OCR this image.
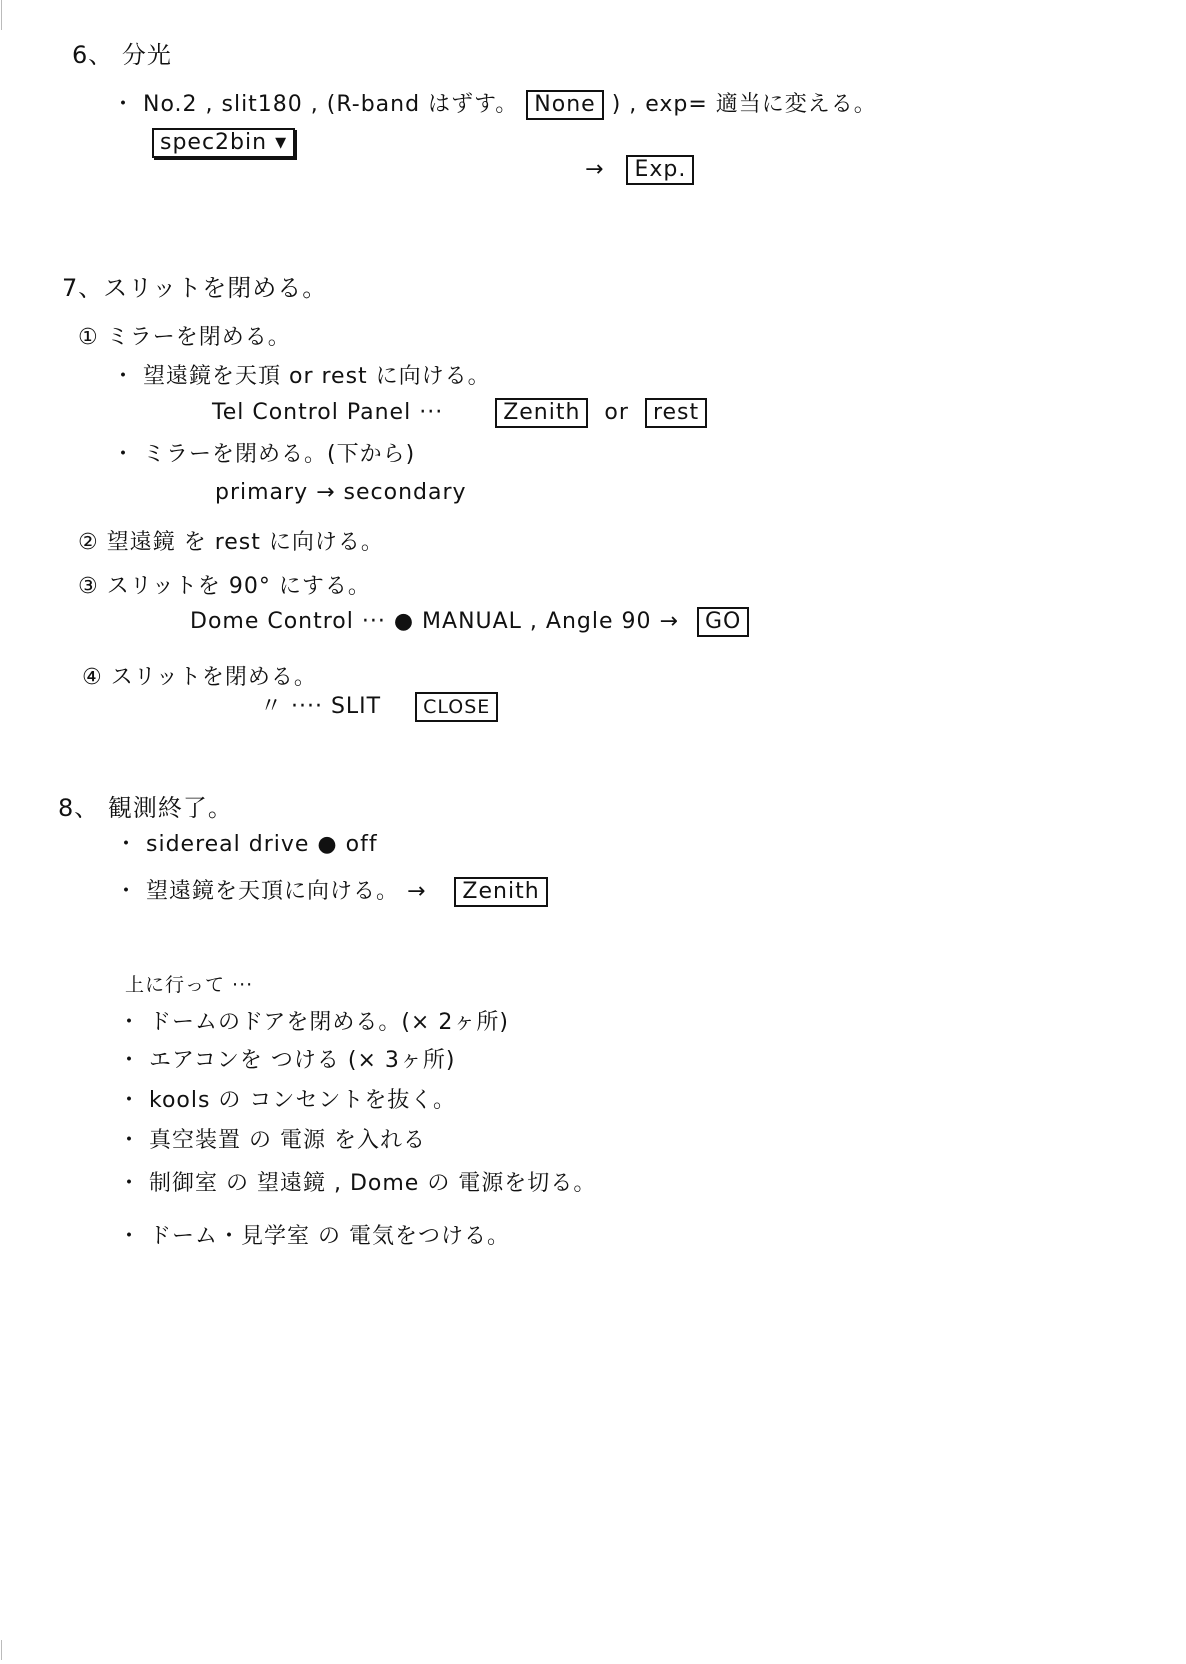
6、 分光
・ No.2 , slit180 , (R-band はずす。 None ) , exp= 適当に変える。
spec2bin ▾
→ Exp.
7、スリットを閉める。
① ミラーを閉める。
・ 望遠鏡を天頂 or rest に向ける。
Tel Control Panel ···	Zenith or rest
・ ミラーを閉める。(下から)
primary → secondary
② 望遠鏡 を rest に向ける。
③ スリットを 90° にする。
Dome Control ··· ● MANUAL , Angle 90 → GO
④ スリットを閉める。
〃 ···· SLIT CLOSE
8、 観測終了。
・ sidereal drive ● off
・ 望遠鏡を天頂に向ける。 → Zenith
上に行って ···
・ ドームのドアを閉める。(× 2ヶ所)
・ エアコンを つける (× 3ヶ所)
・ kools の コンセントを抜く。
・ 真空装置 の 電源 を入れる
・ 制御室 の 望遠鏡 , Dome の 電源を切る。
・ ドーム・見学室 の 電気をつける。
